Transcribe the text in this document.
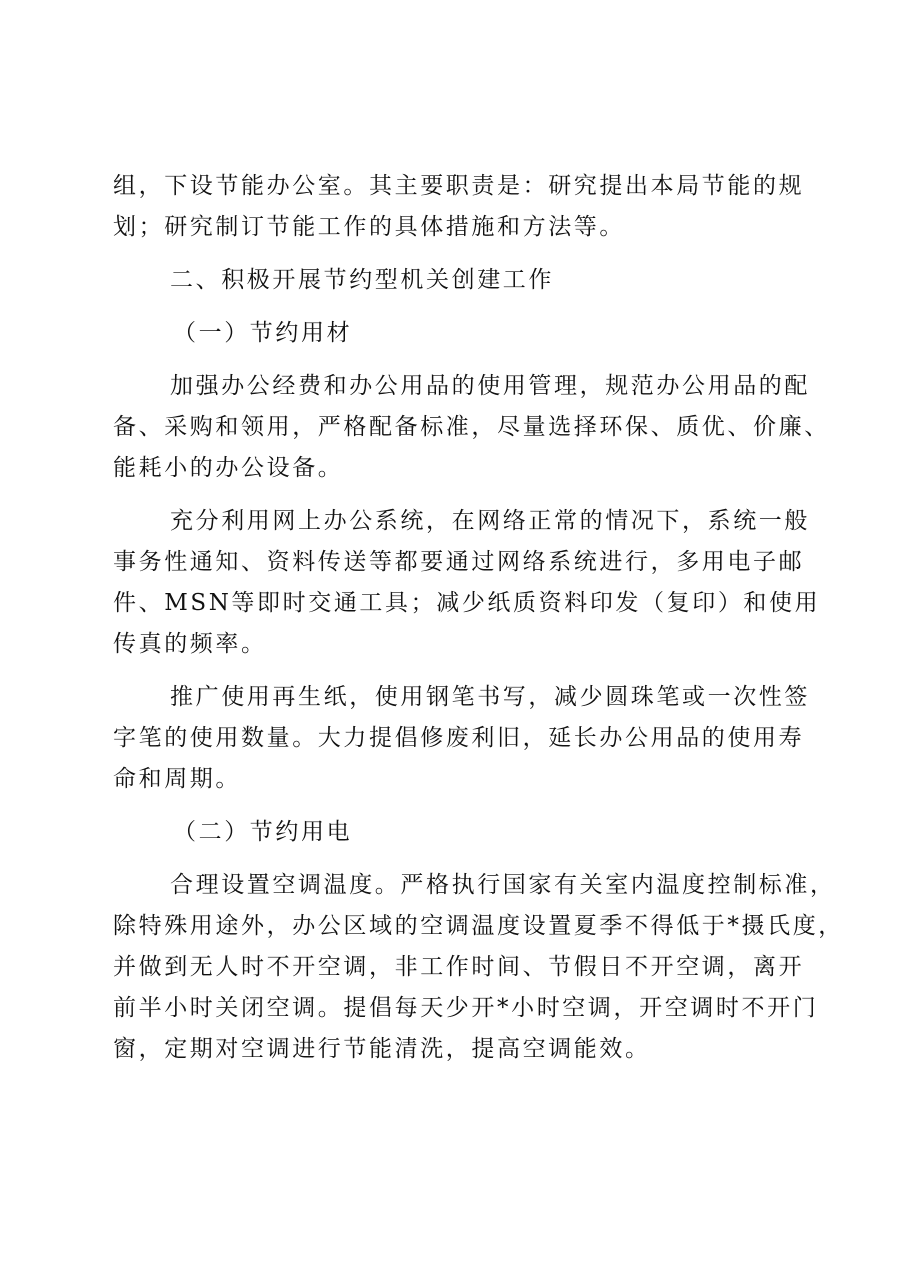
组，下设节能办公室。其主要职责是：研究提出本局节能的规
划；研究制订节能工作的具体措施和方法等。
二、积极开展节约型机关创建工作
（一）节约用材
加强办公经费和办公用品的使用管理，规范办公用品的配
备、采购和领用，严格配备标准，尽量选择环保、质优、价廉、
能耗小的办公设备。
充分利用网上办公系统，在网络正常的情况下，系统一般
事务性通知、资料传送等都要通过网络系统进行，多用电子邮
件、MSN等即时交通工具；减少纸质资料印发（复印）和使用
传真的频率。
推广使用再生纸，使用钢笔书写，减少圆珠笔或一次性签
字笔的使用数量。大力提倡修废利旧，延长办公用品的使用寿
命和周期。
（二）节约用电
合理设置空调温度。严格执行国家有关室内温度控制标准，
除特殊用途外，办公区域的空调温度设置夏季不得低于*摄氏度，
并做到无人时不开空调，非工作时间、节假日不开空调，离开
前半小时关闭空调。提倡每天少开*小时空调，开空调时不开门
窗，定期对空调进行节能清洗，提高空调能效。
